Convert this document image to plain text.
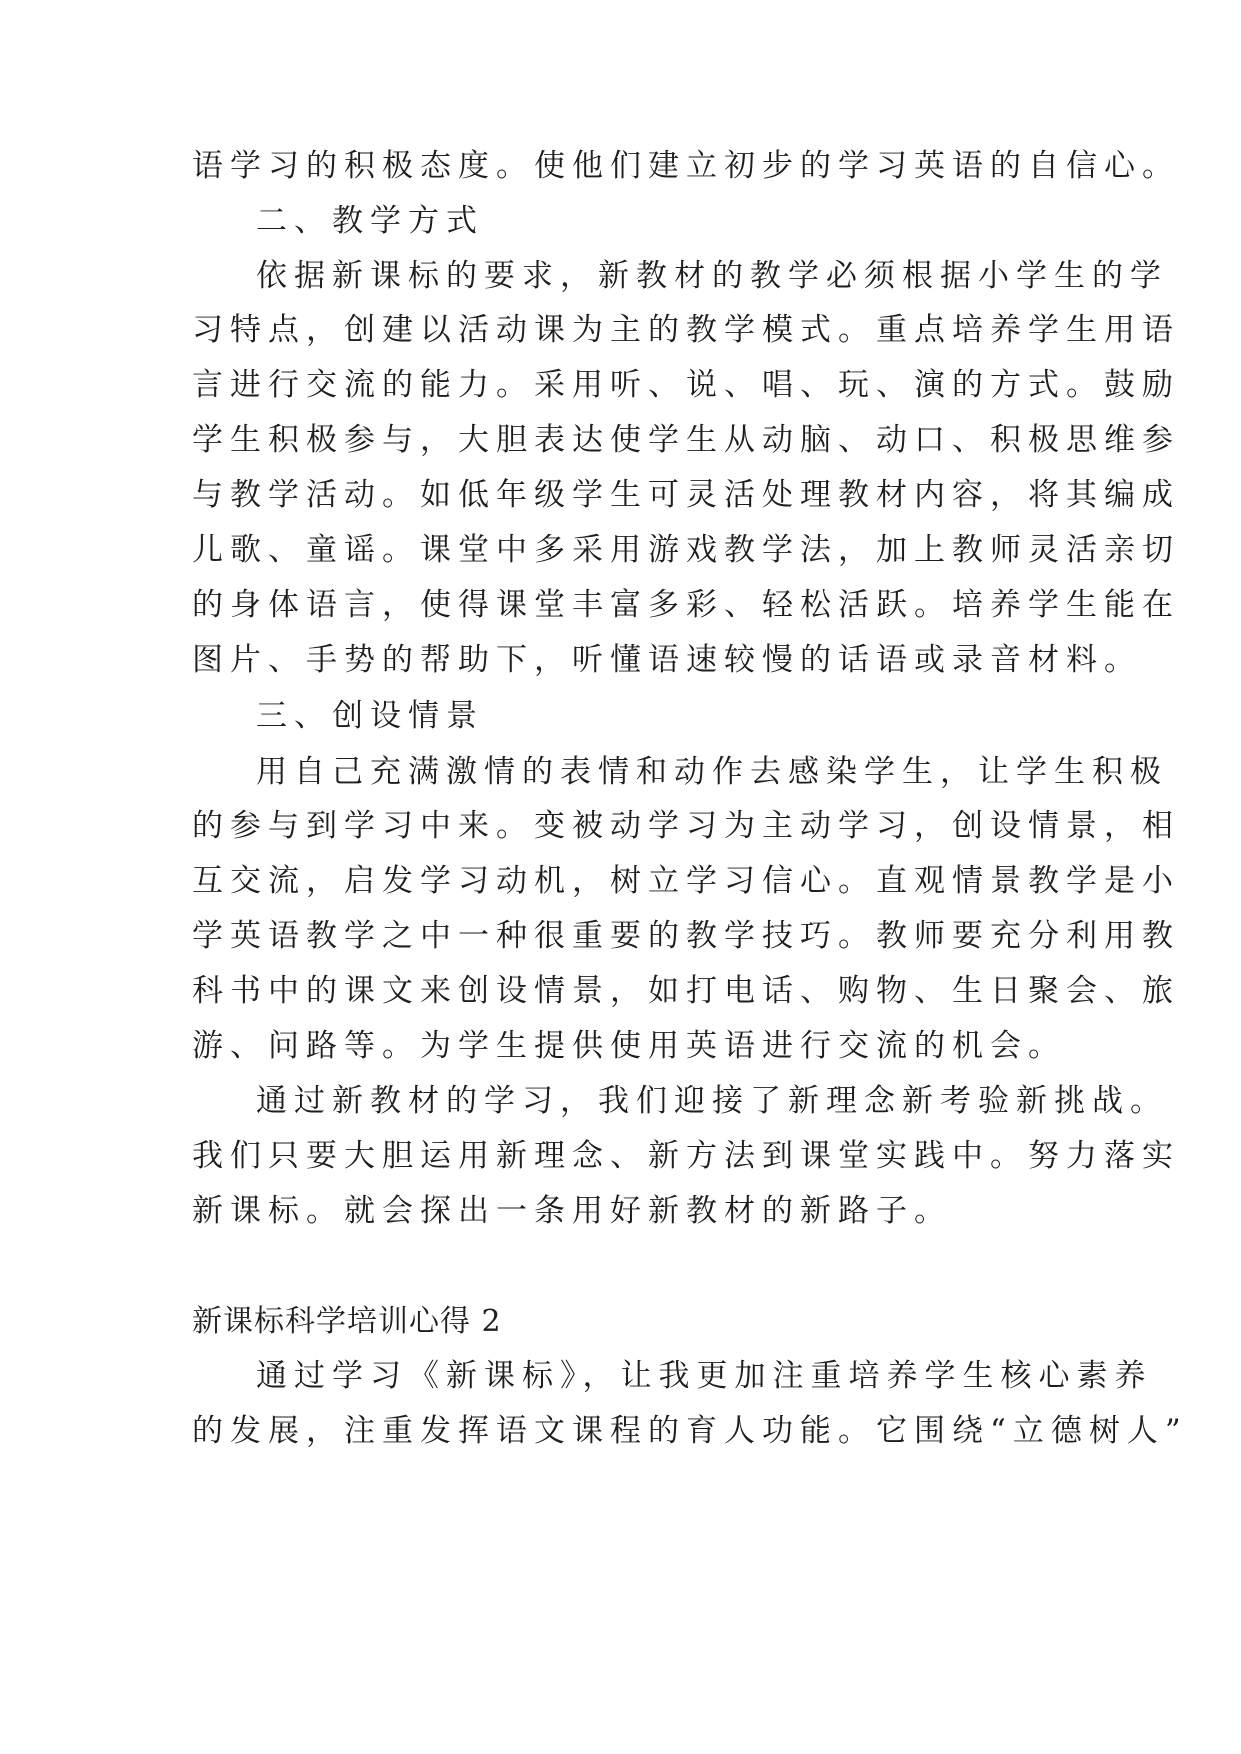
语学习的积极态度。使他们建立初步的学习英语的自信心。
二、教学方式
依据新课标的要求，新教材的教学必须根据小学生的学
习特点，创建以活动课为主的教学模式。重点培养学生用语
言进行交流的能力。采用听、说、唱、玩、演的方式。鼓励
学生积极参与，大胆表达使学生从动脑、动口、积极思维参
与教学活动。如低年级学生可灵活处理教材内容，将其编成
儿歌、童谣。课堂中多采用游戏教学法，加上教师灵活亲切
的身体语言，使得课堂丰富多彩、轻松活跃。培养学生能在
图片、手势的帮助下，听懂语速较慢的话语或录音材料。
三、创设情景
用自己充满激情的表情和动作去感染学生，让学生积极
的参与到学习中来。变被动学习为主动学习，创设情景，相
互交流，启发学习动机，树立学习信心。直观情景教学是小
学英语教学之中一种很重要的教学技巧。教师要充分利用教
科书中的课文来创设情景，如打电话、购物、生日聚会、旅
游、问路等。为学生提供使用英语进行交流的机会。
通过新教材的学习，我们迎接了新理念新考验新挑战。
我们只要大胆运用新理念、新方法到课堂实践中。努力落实
新课标。就会探出一条用好新教材的新路子。
新课标科学培训心得 2
通过学习《新课标》，让我更加注重培养学生核心素养
的发展，注重发挥语文课程的育人功能。它围绕“立德树人”
